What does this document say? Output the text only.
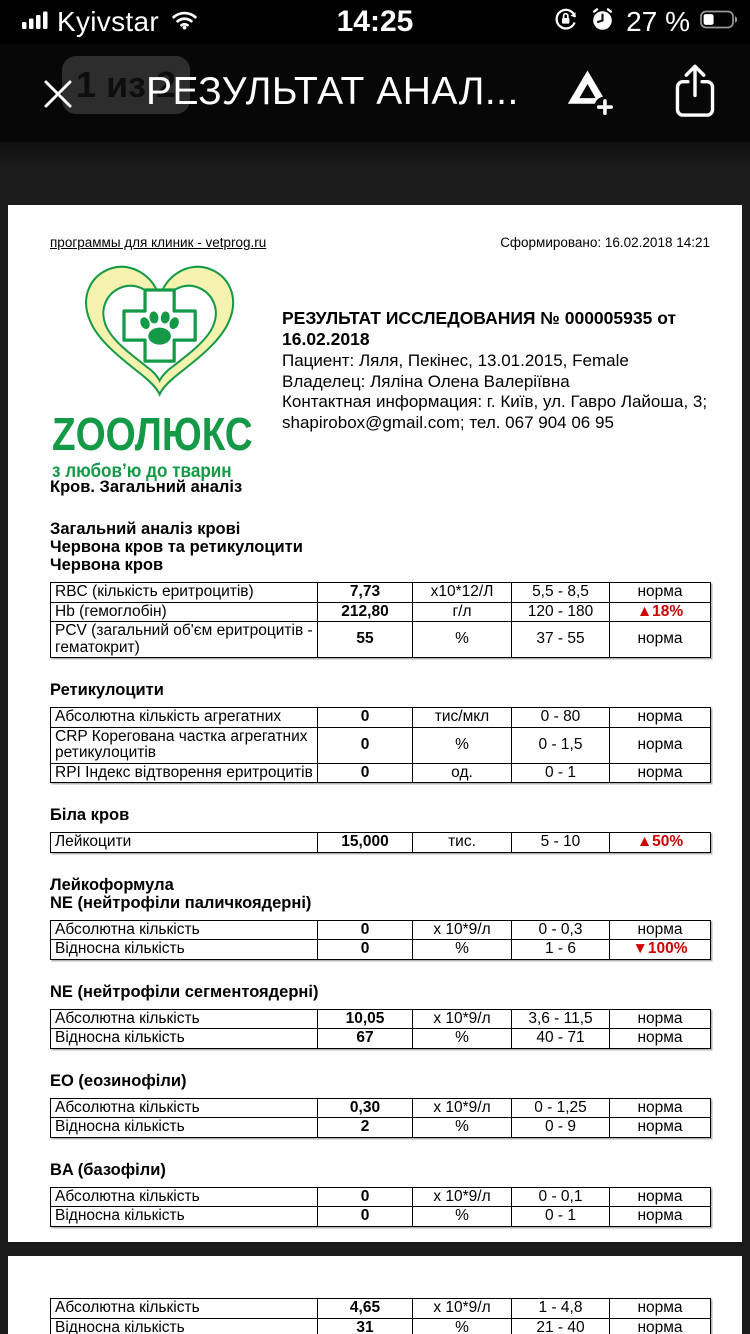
Kyivstar	14:25	27 %
1 из 2
РЕЗУЛЬТАТ АНАЛ...
программы для клиник - vetprog.ru	Сформировано: 16.02.2018 14:21
ZООЛЮКС
з любов’ю до тварин
РЕЗУЛЬТАТ ИССЛЕДОВАНИЯ № 000005935 от 16.02.2018
Пациент: Ляля, Пекінес, 13.01.2015, Female
Владелец: Ляліна Олена Валеріївна
Контактная информация: г. Київ, ул. Гавро Лайоша, 3; shapirobox@gmail.com; тел. 067 904 06 95
Кров. Загальний аналіз
Загальний аналіз крові
Червона кров та ретикулоцити
Червона кров
RBC (кількість еритроцитів)	7,73	х10*12/Л	5,5 - 8,5	норма
Hb (гемоглобін)	212,80	г/л	120 - 180	▲18%
PCV (загальний об'єм еритроцитів - гематокрит)	55	%	37 - 55	норма
Ретикулоцити
Абсолютна кількість агрегатних	0	тис/мкл	0 - 80	норма
CRP Корегована частка агрегатних ретикулоцитів	0	%	0 - 1,5	норма
RPI Індекс відтворення еритроцитів	0	од.	0 - 1	норма
Біла кров
Лейкоцити	15,000	тис.	5 - 10	▲50%
Лейкоформула
NE (нейтрофіли паличкоядерні)
Абсолютна кількість	0	х 10*9/л	0 - 0,3	норма
Відносна кількість	0	%	1 - 6	▼100%
NE (нейтрофіли сегментоядерні)
Абсолютна кількість	10,05	х 10*9/л	3,6 - 11,5	норма
Відносна кількість	67	%	40 - 71	норма
EO (еозинофіли)
Абсолютна кількість	0,30	х 10*9/л	0 - 1,25	норма
Відносна кількість	2	%	0 - 9	норма
BA (базофіли)
Абсолютна кількість	0	х 10*9/л	0 - 0,1	норма
Відносна кількість	0	%	0 - 1	норма

Абсолютна кількість	4,65	х 10*9/л	1 - 4,8	норма
Відносна кількість	31	%	21 - 40	норма
